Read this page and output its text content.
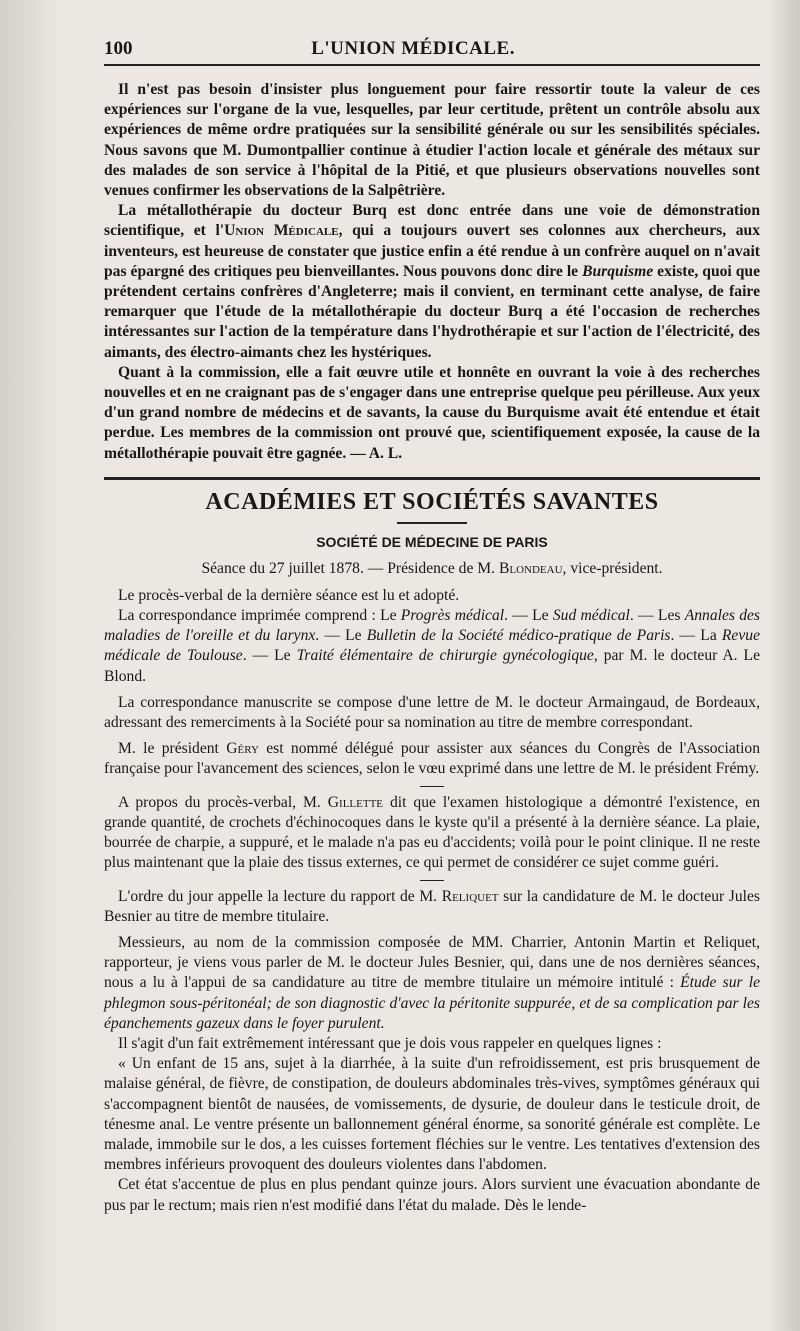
100	L'UNION MÉDICALE.

Il n'est pas besoin d'insister plus longuement pour faire ressortir toute la valeur de ces expériences sur l'organe de la vue, lesquelles, par leur certitude, prêtent un contrôle absolu aux expériences de même ordre pratiquées sur la sensibilité générale ou sur les sensibilités spéciales. Nous savons que M. Dumontpallier continue à étudier l'action locale et générale des métaux sur des malades de son service à l'hôpital de la Pitié, et que plusieurs observations nouvelles sont venues confirmer les observations de la Salpêtrière.

La métallothérapie du docteur Burq est donc entrée dans une voie de démonstration scientifique, et l'Union Médicale, qui a toujours ouvert ses colonnes aux chercheurs, aux inventeurs, est heureuse de constater que justice enfin a été rendue à un confrère auquel on n'avait pas épargné des critiques peu bienveillantes. Nous pouvons donc dire le Burquisme existe, quoi que prétendent certains confrères d'Angleterre; mais il convient, en terminant cette analyse, de faire remarquer que l'étude de la métallothérapie du docteur Burq a été l'occasion de recherches intéressantes sur l'action de la température dans l'hydrothérapie et sur l'action de l'électricité, des aimants, des électro-aimants chez les hystériques.

Quant à la commission, elle a fait œuvre utile et honnête en ouvrant la voie à des recherches nouvelles et en ne craignant pas de s'engager dans une entreprise quelque peu périlleuse. Aux yeux d'un grand nombre de médecins et de savants, la cause du Burquisme avait été entendue et était perdue. Les membres de la commission ont prouvé que, scientifiquement exposée, la cause de la métallothérapie pouvait être gagnée. — A. L.

ACADÉMIES ET SOCIÉTÉS SAVANTES
SOCIÉTÉ DE MÉDECINE DE PARIS
Séance du 27 juillet 1878. — Présidence de M. Blondeau, vice-président.

Le procès-verbal de la dernière séance est lu et adopté.

La correspondance imprimée comprend : Le Progrès médical. — Le Sud médical. — Les Annales des maladies de l'oreille et du larynx. — Le Bulletin de la Société médico-pratique de Paris. — La Revue médicale de Toulouse. — Le Traité élémentaire de chirurgie gynécologique, par M. le docteur A. Le Blond.

La correspondance manuscrite se compose d'une lettre de M. le docteur Armaingaud, de Bordeaux, adressant des remerciments à la Société pour sa nomination au titre de membre correspondant.

M. le président Géry est nommé délégué pour assister aux séances du Congrès de l'Association française pour l'avancement des sciences, selon le vœu exprimé dans une lettre de M. le président Frémy.

A propos du procès-verbal, M. Gillette dit que l'examen histologique a démontré l'existence, en grande quantité, de crochets d'échinocoques dans le kyste qu'il a présenté à la dernière séance. La plaie, bourrée de charpie, a suppuré, et le malade n'a pas eu d'accidents; voilà pour le point clinique. Il ne reste plus maintenant que la plaie des tissus externes, ce qui permet de considérer ce sujet comme guéri.

L'ordre du jour appelle la lecture du rapport de M. Reliquet sur la candidature de M. le docteur Jules Besnier au titre de membre titulaire.

Messieurs, au nom de la commission composée de MM. Charrier, Antonin Martin et Reliquet, rapporteur, je viens vous parler de M. le docteur Jules Besnier, qui, dans une de nos dernières séances, nous a lu à l'appui de sa candidature au titre de membre titulaire un mémoire intitulé : Étude sur le phlegmon sous-péritonéal; de son diagnostic d'avec la péritonite suppurée, et de sa complication par les épanchements gazeux dans le foyer purulent.

Il s'agit d'un fait extrêmement intéressant que je dois vous rappeler en quelques lignes :

« Un enfant de 15 ans, sujet à la diarrhée, à la suite d'un refroidissement, est pris brusquement de malaise général, de fièvre, de constipation, de douleurs abdominales très-vives, symptômes généraux qui s'accompagnent bientôt de nausées, de vomissements, de dysurie, de douleur dans le testicule droit, de ténesme anal. Le ventre présente un ballonnement général énorme, sa sonorité générale est complète. Le malade, immobile sur le dos, a les cuisses fortement fléchies sur le ventre. Les tentatives d'extension des membres inférieurs provoquent des douleurs violentes dans l'abdomen.

Cet état s'accentue de plus en plus pendant quinze jours. Alors survient une évacuation abondante de pus par le rectum; mais rien n'est modifié dans l'état du malade. Dès le lende-
